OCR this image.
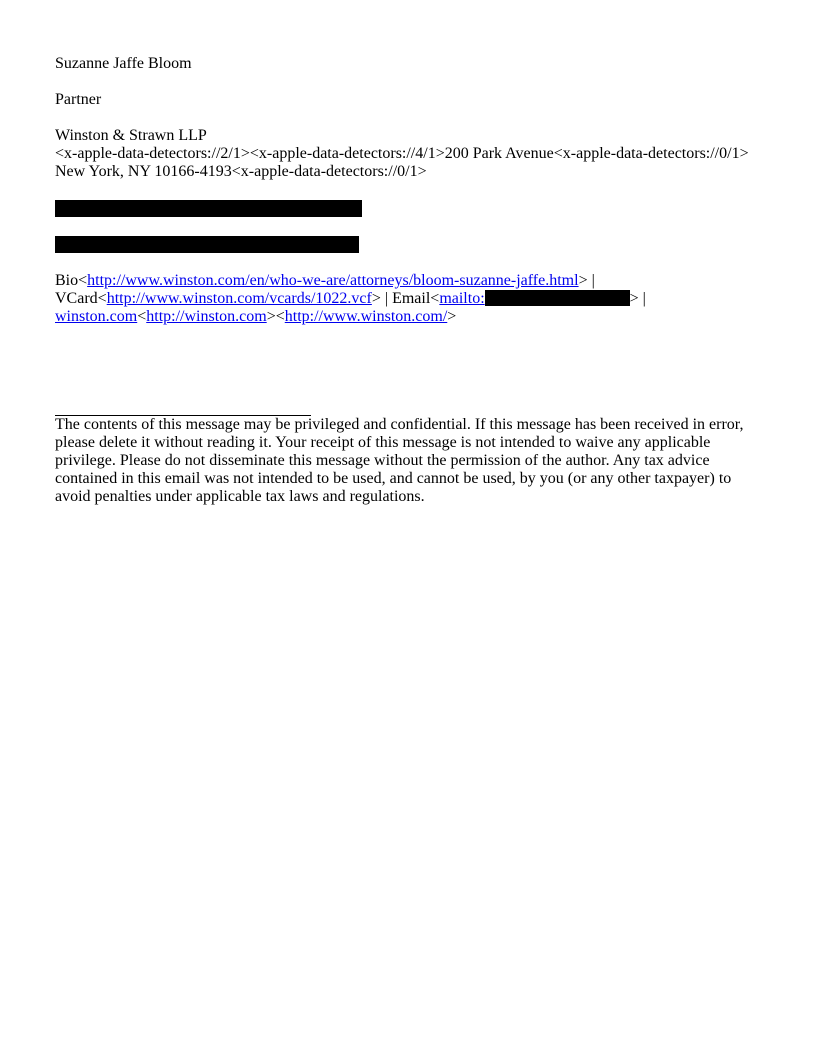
Suzanne Jaffe Bloom
Partner
Winston & Strawn LLP
<x-apple-data-detectors://2/1><x-apple-data-detectors://4/1>200 Park Avenue<x-apple-data-detectors://0/1>
New York, NY 10166-4193<x-apple-data-detectors://0/1>
Bio<http://www.winston.com/en/who-we-are/attorneys/bloom-suzanne-jaffe.html> |
VCard<http://www.winston.com/vcards/1022.vcf> | Email<mailto:	> |
winston.com<http://winston.com><http://www.winston.com/>

The contents of this message may be privileged and confidential. If this message has been received in error, please delete it without reading it. Your receipt of this message is not intended to waive any applicable privilege. Please do not disseminate this message without the permission of the author. Any tax advice contained in this email was not intended to be used, and cannot be used, by you (or any other taxpayer) to avoid penalties under applicable tax laws and regulations.
